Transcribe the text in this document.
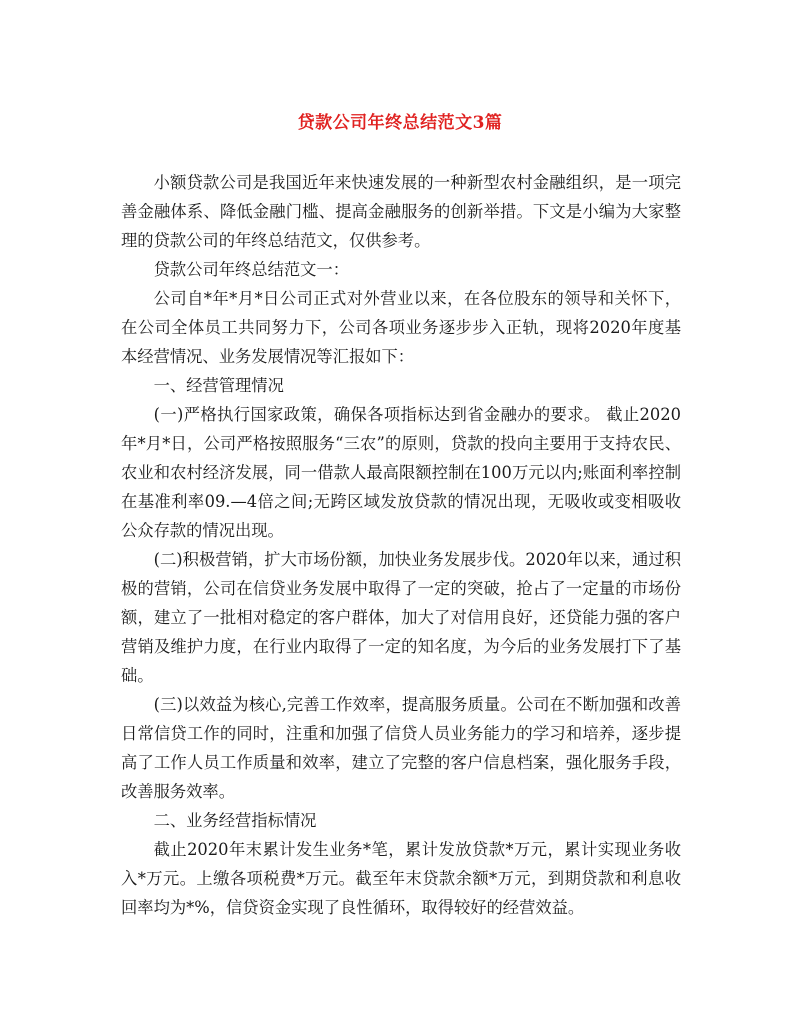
贷款公司年终总结范文3篇

小额贷款公司是我国近年来快速发展的一种新型农村金融组织，是一项完善金融体系、降低金融门槛、提高金融服务的创新举措。下文是小编为大家整理的贷款公司的年终总结范文，仅供参考。

贷款公司年终总结范文一：

公司自*年*月*日公司正式对外营业以来，在各位股东的领导和关怀下，在公司全体员工共同努力下，公司各项业务逐步步入正轨，现将2020年度基本经营情况、业务发展情况等汇报如下：

一、经营管理情况

(一)严格执行国家政策，确保各项指标达到省金融办的要求。 截止2020年*月*日，公司严格按照服务“三农”的原则，贷款的投向主要用于支持农民、农业和农村经济发展，同一借款人最高限额控制在100万元以内;账面利率控制在基准利率09.—4倍之间;无跨区域发放贷款的情况出现，无吸收或变相吸收公众存款的情况出现。

(二)积极营销，扩大市场份额，加快业务发展步伐。2020年以来，通过积极的营销，公司在信贷业务发展中取得了一定的突破，抢占了一定量的市场份额，建立了一批相对稳定的客户群体，加大了对信用良好，还贷能力强的客户营销及维护力度，在行业内取得了一定的知名度，为今后的业务发展打下了基础。

(三)以效益为核心,完善工作效率，提高服务质量。公司在不断加强和改善日常信贷工作的同时，注重和加强了信贷人员业务能力的学习和培养，逐步提高了工作人员工作质量和效率，建立了完整的客户信息档案，强化服务手段，改善服务效率。

二、业务经营指标情况

截止2020年末累计发生业务*笔，累计发放贷款*万元，累计实现业务收入*万元。上缴各项税费*万元。截至年末贷款余额*万元，到期贷款和利息收回率均为*%，信贷资金实现了良性循环，取得较好的经营效益。
